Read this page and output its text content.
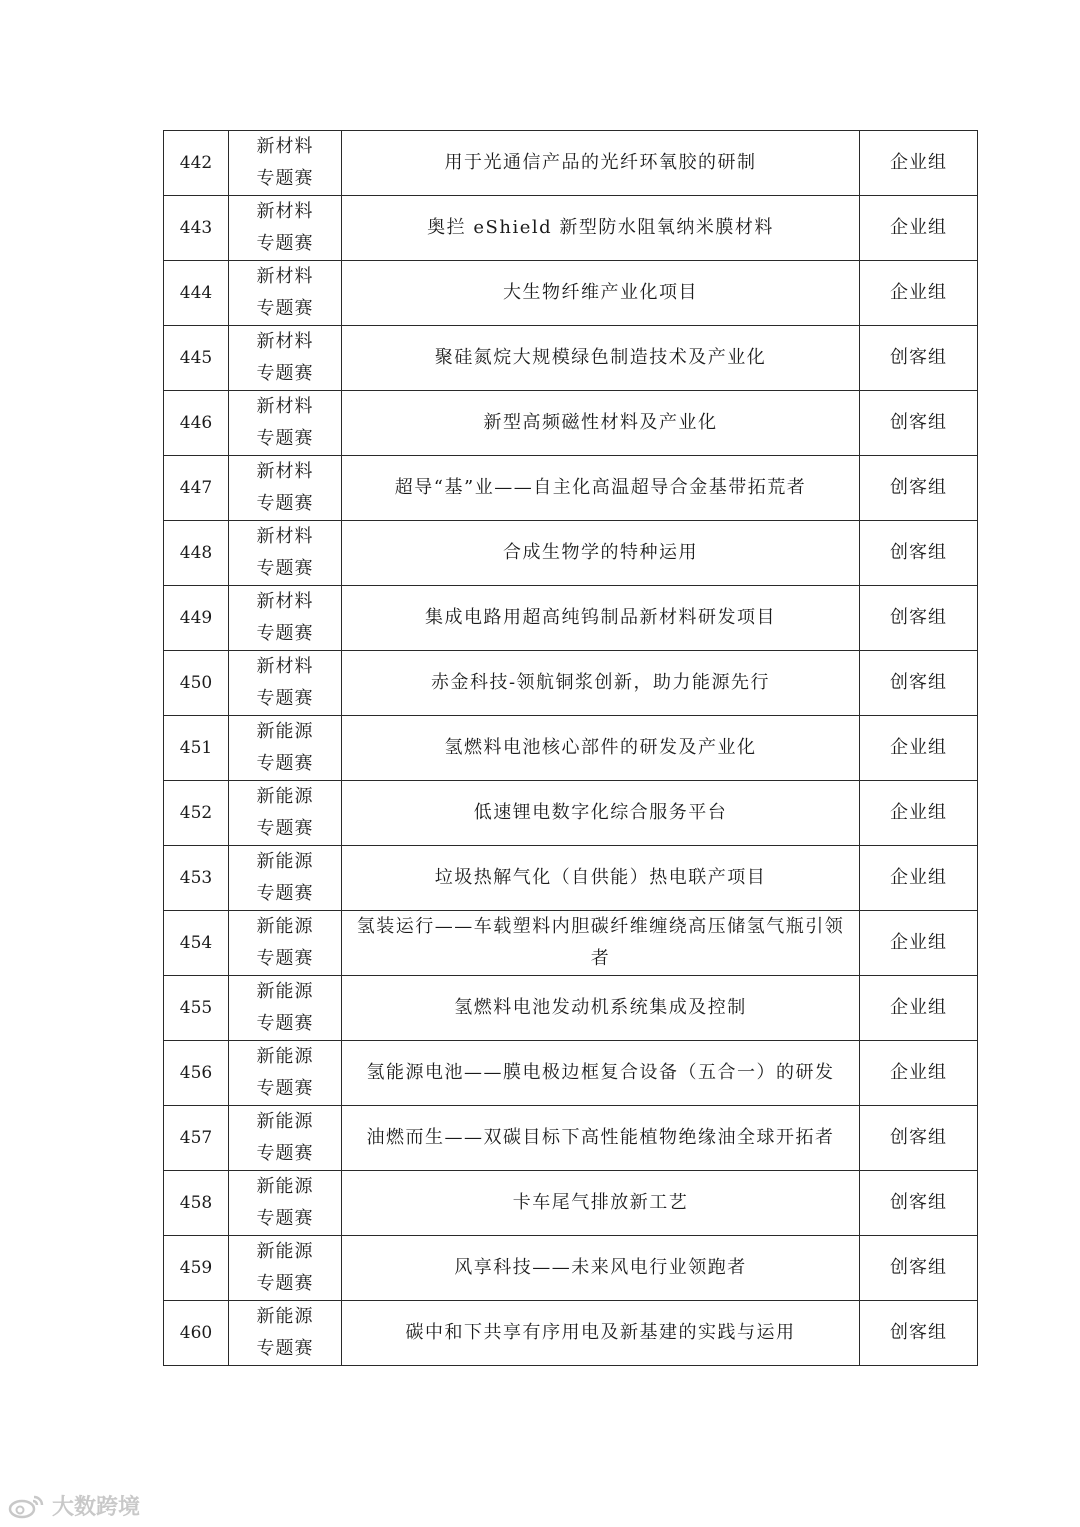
442	新材料
专题赛	用于光通信产品的光纤环氧胶的研制	企业组
443	新材料
专题赛	奥拦 eShield 新型防水阻氧纳米膜材料	企业组
444	新材料
专题赛	大生物纤维产业化项目	企业组
445	新材料
专题赛	聚硅氮烷大规模绿色制造技术及产业化	创客组
446	新材料
专题赛	新型高频磁性材料及产业化	创客组
447	新材料
专题赛	超导“基”业——自主化高温超导合金基带拓荒者	创客组
448	新材料
专题赛	合成生物学的特种运用	创客组
449	新材料
专题赛	集成电路用超高纯钨制品新材料研发项目	创客组
450	新材料
专题赛	赤金科技-领航铜浆创新，助力能源先行	创客组
451	新能源
专题赛	氢燃料电池核心部件的研发及产业化	企业组
452	新能源
专题赛	低速锂电数字化综合服务平台	企业组
453	新能源
专题赛	垃圾热解气化（自供能）热电联产项目	企业组
454	新能源
专题赛	氢装运行——车载塑料内胆碳纤维缠绕高压储氢气瓶引领者	企业组
455	新能源
专题赛	氢燃料电池发动机系统集成及控制	企业组
456	新能源
专题赛	氢能源电池——膜电极边框复合设备（五合一）的研发	企业组
457	新能源
专题赛	油燃而生——双碳目标下高性能植物绝缘油全球开拓者	创客组
458	新能源
专题赛	卡车尾气排放新工艺	创客组
459	新能源
专题赛	风享科技——未来风电行业领跑者	创客组
460	新能源
专题赛	碳中和下共享有序用电及新基建的实践与运用	创客组
大数跨境
